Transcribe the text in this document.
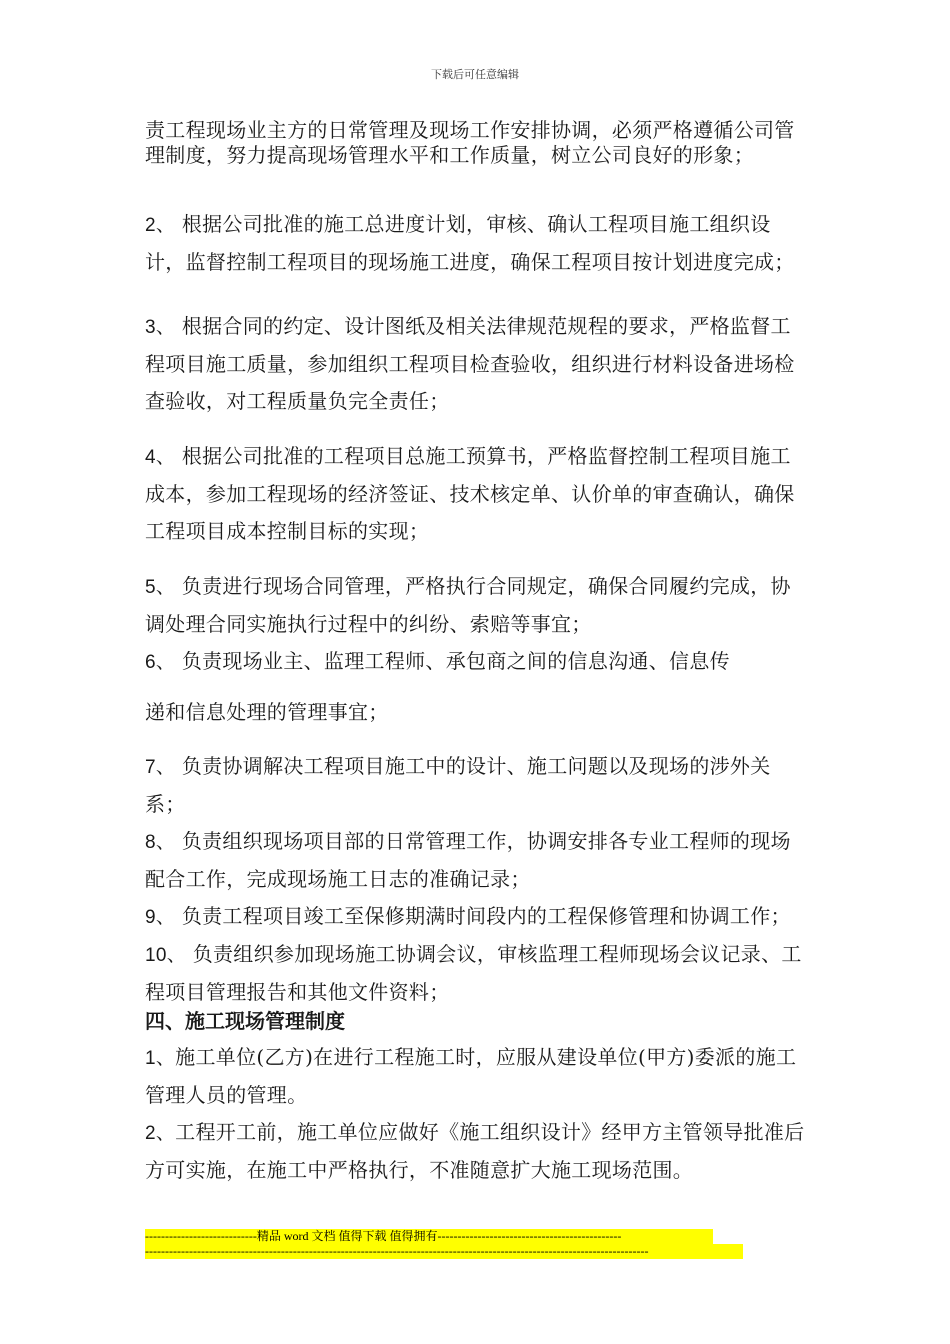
下载后可任意编辑

责工程现场业主方的日常管理及现场工作安排协调，必须严格遵循公司管理制度，努力提高现场管理水平和工作质量，树立公司良好的形象；

2、 根据公司批准的施工总进度计划，审核、确认工程项目施工组织设计，监督控制工程项目的现场施工进度，确保工程项目按计划进度完成；

3、 根据合同的约定、设计图纸及相关法律规范规程的要求，严格监督工程项目施工质量，参加组织工程项目检查验收，组织进行材料设备进场检查验收，对工程质量负完全责任；

4、 根据公司批准的工程项目总施工预算书，严格监督控制工程项目施工成本，参加工程现场的经济签证、技术核定单、认价单的审查确认，确保工程项目成本控制目标的实现；

5、 负责进行现场合同管理，严格执行合同规定，确保合同履约完成，协调处理合同实施执行过程中的纠纷、索赔等事宜；

6、 负责现场业主、监理工程师、承包商之间的信息沟通、信息传

递和信息处理的管理事宜；

7、 负责协调解决工程项目施工中的设计、施工问题以及现场的涉外关系；

8、 负责组织现场项目部的日常管理工作，协调安排各专业工程师的现场配合工作，完成现场施工日志的准确记录；

9、 负责工程项目竣工至保修期满时间段内的工程保修管理和协调工作；

10、 负责组织参加现场施工协调会议，审核监理工程师现场会议记录、工程项目管理报告和其他文件资料；

四、施工现场管理制度

1、施工单位(乙方)在进行工程施工时，应服从建设单位(甲方)委派的施工管理人员的管理。

2、工程开工前，施工单位应做好《施工组织设计》经甲方主管领导批准后方可实施，在施工中严格执行，不准随意扩大施工现场范围。

----------------------------精品 word 文档 值得下载 值得拥有----------------------------------------------
------------------------------------------------------------------------------------------------------------------------------
